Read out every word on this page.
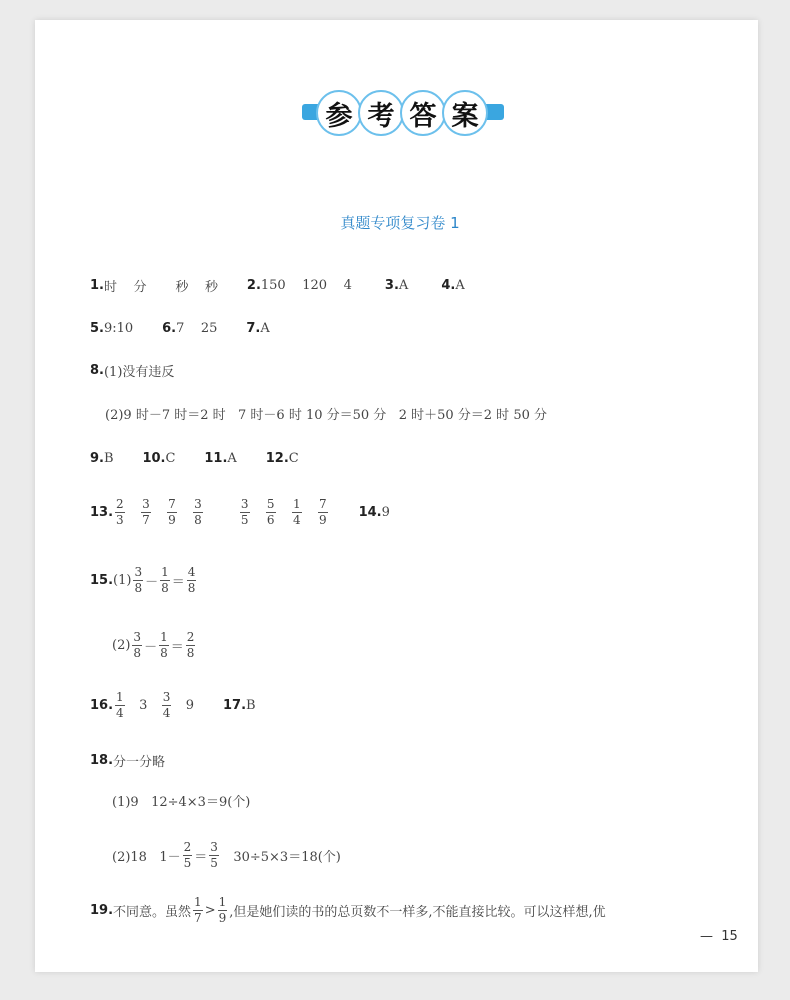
参 考 答 案
真题专项复习卷 1
1. 时    分       秒    秒 2. 150    120    4 3. A 4. A
5. 9:10 6. 7    25 7. A
8. (1)没有违反
(2)9 时－7 时＝2 时   7 时－6 时 10 分＝50 分   2 时＋50 分＝2 时 50 分
9. B 10. C 11. A 12. C
13. $\frac{2}{3}$
$\frac{3}{7}$
$\frac{7}{9}$
$\frac{3}{8}$
	$\frac{3}{5}$
$\frac{5}{6}$
$\frac{1}{4}$
$\frac{7}{9}$
14. 9
15. $(1) \frac{3}{8} - \frac{1}{8} = \frac{4}{8}$
$(2) \frac{3}{8} - \frac{1}{8} = \frac{2}{8}$
16. $\frac{1}{4} 3 \frac{3}{4} 9$ 17. B
18. 分一分略
(1)9   12÷4×3＝9(个)
(2)18   $1- \frac{2}{5} = \frac{3}{5} 30\div 5\times 3=18$(个)
19. 不同意。虽然 $\frac{1}{7} > \frac{1}{9}$ ,但是她们读的书的总页数不一样多,不能直接比较。可以这样想,优
—  15
